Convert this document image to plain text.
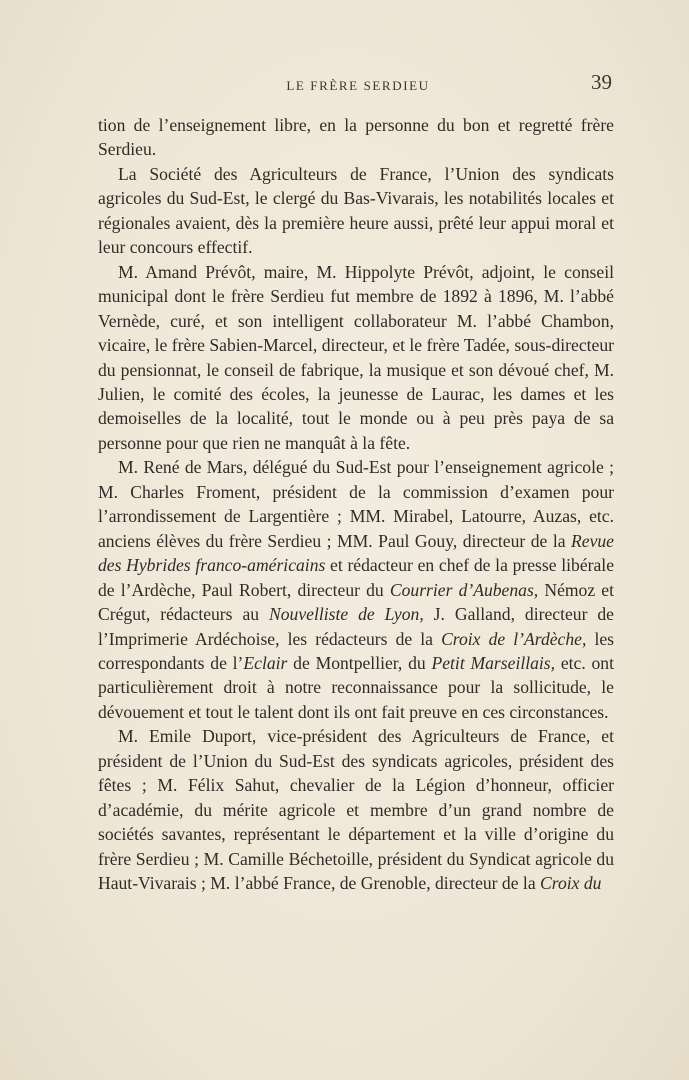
LE FRÈRE SERDIEU	39

tion de l’enseignement libre, en la personne du bon et regretté frère Serdieu.

La Société des Agriculteurs de France, l’Union des syndicats agricoles du Sud-Est, le clergé du Bas-Vivarais, les notabilités locales et régionales avaient, dès la première heure aussi, prêté leur appui moral et leur concours effectif.

M. Amand Prévôt, maire, M. Hippolyte Prévôt, adjoint, le conseil municipal dont le frère Serdieu fut membre de 1892 à 1896, M. l’abbé Vernède, curé, et son intelligent collaborateur M. l’abbé Chambon, vicaire, le frère Sabien-Marcel, directeur, et le frère Tadée, sous-directeur du pensionnat, le conseil de fabrique, la musique et son dévoué chef, M. Julien, le comité des écoles, la jeunesse de Laurac, les dames et les demoiselles de la localité, tout le monde ou à peu près paya de sa personne pour que rien ne manquât à la fête.

M. René de Mars, délégué du Sud-Est pour l’enseignement agricole ; M. Charles Froment, président de la commission d’examen pour l’arrondissement de Largentière ; MM. Mirabel, Latourre, Auzas, etc. anciens élèves du frère Serdieu ; MM. Paul Gouy, directeur de la Revue des Hybrides franco-américains et rédacteur en chef de la presse libérale de l’Ardèche, Paul Robert, directeur du Courrier d’Aubenas, Némoz et Crégut, rédacteurs au Nouvelliste de Lyon, J. Galland, directeur de l’Imprimerie Ardéchoise, les rédacteurs de la Croix de l’Ardèche, les correspondants de l’Eclair de Montpellier, du Petit Marseillais, etc. ont particulièrement droit à notre reconnaissance pour la sollicitude, le dévouement et tout le talent dont ils ont fait preuve en ces circonstances.

M. Emile Duport, vice-président des Agriculteurs de France, et président de l’Union du Sud-Est des syndicats agricoles, président des fêtes ; M. Félix Sahut, chevalier de la Légion d’honneur, officier d’académie, du mérite agricole et membre d’un grand nombre de sociétés savantes, représentant le département et la ville d’origine du frère Serdieu ; M. Camille Béchetoille, président du Syndicat agricole du Haut-Vivarais ; M. l’abbé France, de Grenoble, directeur de la Croix du
